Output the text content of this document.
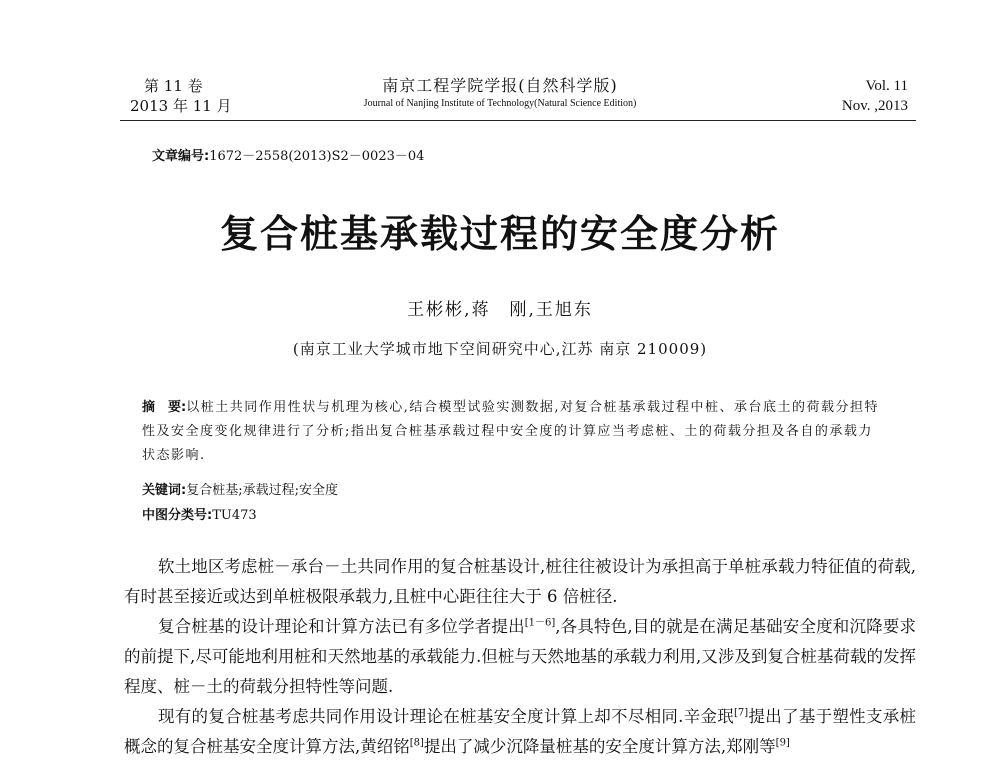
第 11 卷
2013 年 11 月
南京工程学院学报(自然科学版)
Journal of Nanjing Institute of Technology(Natural Science Edition)
Vol. 11
Nov. ,2013
文章编号:1672－2558(2013)S2－0023－04
复合桩基承载过程的安全度分析
王彬彬,蒋　刚,王旭东
(南京工业大学城市地下空间研究中心,江苏 南京 210009)
摘　要:以桩土共同作用性状与机理为核心,结合模型试验实测数据,对复合桩基承载过程中桩、承台底土的荷载分担特性及安全度变化规律进行了分析;指出复合桩基承载过程中安全度的计算应当考虑桩、土的荷载分担及各自的承载力状态影响.
关键词:复合桩基;承载过程;安全度
中图分类号:TU473

软土地区考虑桩－承台－土共同作用的复合桩基设计,桩往往被设计为承担高于单桩承载力特征值的荷载,有时甚至接近或达到单桩极限承载力,且桩中心距往往大于 6 倍桩径.

复合桩基的设计理论和计算方法已有多位学者提出[1－6],各具特色,目的就是在满足基础安全度和沉降要求的前提下,尽可能地利用桩和天然地基的承载能力.但桩与天然地基的承载力利用,又涉及到复合桩基荷载的发挥程度、桩－土的荷载分担特性等问题.

现有的复合桩基考虑共同作用设计理论在桩基安全度计算上却不尽相同.辛金珉[7]提出了基于塑性支承桩概念的复合桩基安全度计算方法,黄绍铭[8]提出了减少沉降量桩基的安全度计算方法,郑刚等[9]
